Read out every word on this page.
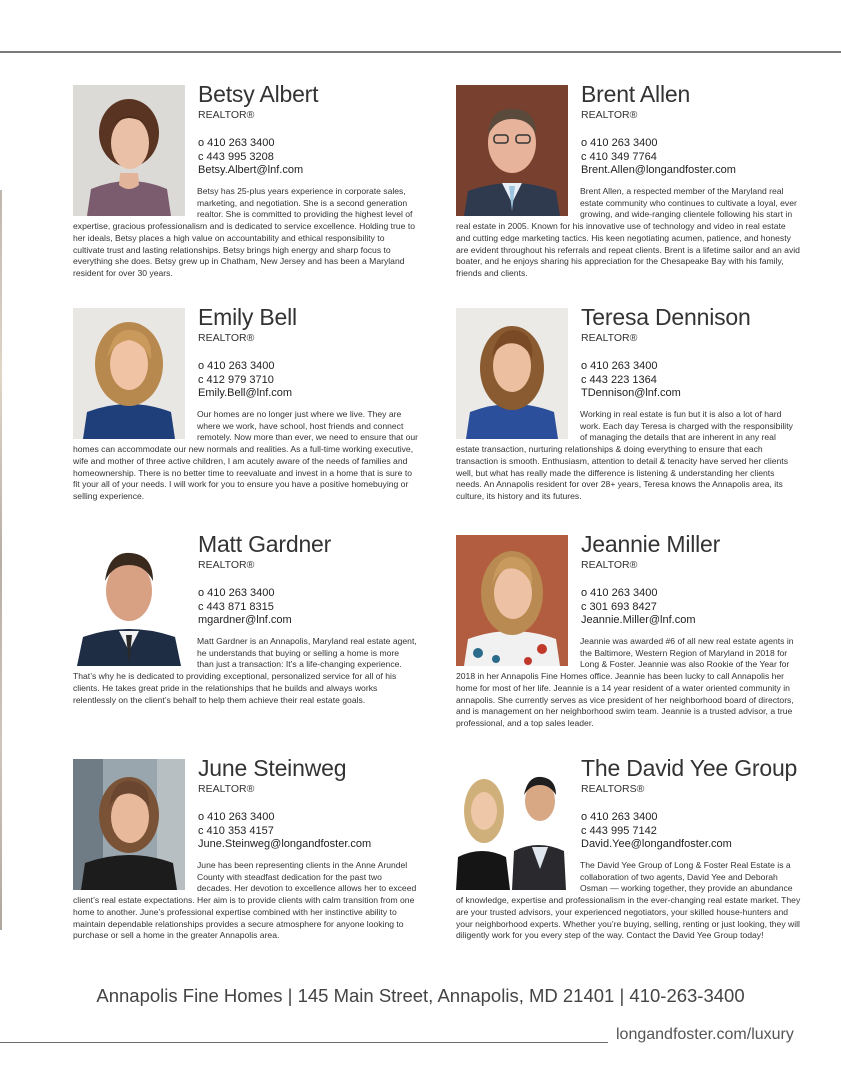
Betsy Albert
REALTOR®
o 410 263 3400
c 443 995 3208
Betsy.Albert@lnf.com
Betsy has 25-plus years experience in corporate sales, marketing, and negotiation. She is a second generation realtor. She is committed to providing the highest level of expertise, gracious professionalism and is dedicated to service excellence. Holding true to her ideals, Betsy places a high value on accountability and ethical responsibility to cultivate trust and lasting relationships. Betsy brings high energy and sharp focus to everything she does. Betsy grew up in Chatham, New Jersey and has been a Maryland resident for over 30 years.
Brent Allen
REALTOR®
o 410 263 3400
c 410 349 7764
Brent.Allen@longandfoster.com
Brent Allen, a respected member of the Maryland real estate community who continues to cultivate a loyal, ever growing, and wide-ranging clientele following his start in real estate in 2005. Known for his innovative use of technology and video in real estate and cutting edge marketing tactics. His keen negotiating acumen, patience, and honesty are evident throughout his referrals and repeat clients. Brent is a lifetime sailor and an avid boater, and he enjoys sharing his appreciation for the Chesapeake Bay with his family, friends and clients.
Emily Bell
REALTOR®
o 410 263 3400
c 412 979 3710
Emily.Bell@lnf.com
Our homes are no longer just where we live. They are where we work, have school, host friends and connect remotely. Now more than ever, we need to ensure that our homes can accommodate our new normals and realities. As a full-time working executive, wife and mother of three active children, I am acutely aware of the needs of families and homeownership. There is no better time to reevaluate and invest in a home that is sure to fit your all of your needs. I will work for you to ensure you have a positive homebuying or selling experience.
Teresa Dennison
REALTOR®
o 410 263 3400
c 443 223 1364
TDennison@lnf.com
Working in real estate is fun but it is also a lot of hard work. Each day Teresa is charged with the responsibility of managing the details that are inherent in any real estate transaction, nurturing relationships & doing everything to ensure that each transaction is smooth. Enthusiasm, attention to detail & tenacity have served her clients well, but what has really made the difference is listening & understanding her clients needs. An Annapolis resident for over 28+ years, Teresa knows the Annapolis area, its culture, its history and its futures.
Matt Gardner
REALTOR®
o 410 263 3400
c 443 871 8315
mgardner@lnf.com
Matt Gardner is an Annapolis, Maryland real estate agent, he understands that buying or selling a home is more than just a transaction: It’s a life-changing experience. That’s why he is dedicated to providing exceptional, personalized service for all of his clients. He takes great pride in the relationships that he builds and always works relentlessly on the client’s behalf to help them achieve their real estate goals.
Jeannie Miller
REALTOR®
o 410 263 3400
c 301 693 8427
Jeannie.Miller@lnf.com
Jeannie was awarded #6 of all new real estate agents in the Baltimore, Western Region of Maryland in 2018 for Long & Foster. Jeannie was also Rookie of the Year for 2018 in her Annapolis Fine Homes office. Jeannie has been lucky to call Annapolis her home for most of her life. Jeannie is a 14 year resident of a water oriented community in annapolis. She currently serves as vice president of her neighborhood board of directors, and is management on her neighborhood swim team. Jeannie is a trusted advisor, a true professional, and a top sales leader.
June Steinweg
REALTOR®
o 410 263 3400
c 410 353 4157
June.Steinweg@longandfoster.com
June has been representing clients in the Anne Arundel County with steadfast dedication for the past two decades. Her devotion to excellence allows her to exceed client’s real estate expectations. Her aim is to provide clients with calm transition from one home to another. June’s professional expertise combined with her instinctive ability to maintain dependable relationships provides a secure atmosphere for anyone looking to purchase or sell a home in the greater Annapolis area.
The David Yee Group
REALTORS®
o 410 263 3400
c 443 995 7142
David.Yee@longandfoster.com
The David Yee Group of Long & Foster Real Estate is a collaboration of two agents, David Yee and Deborah Osman — working together, they provide an abundance of knowledge, expertise and professionalism in the ever-changing real estate market. They are your trusted advisors, your experienced negotiators, your skilled house-hunters and your neighborhood experts. Whether you’re buying, selling, renting or just looking, they will diligently work for you every step of the way. Contact the David Yee Group today!
Annapolis Fine Homes | 145 Main Street, Annapolis, MD 21401 | 410-263-3400
longandfoster.com/luxury
